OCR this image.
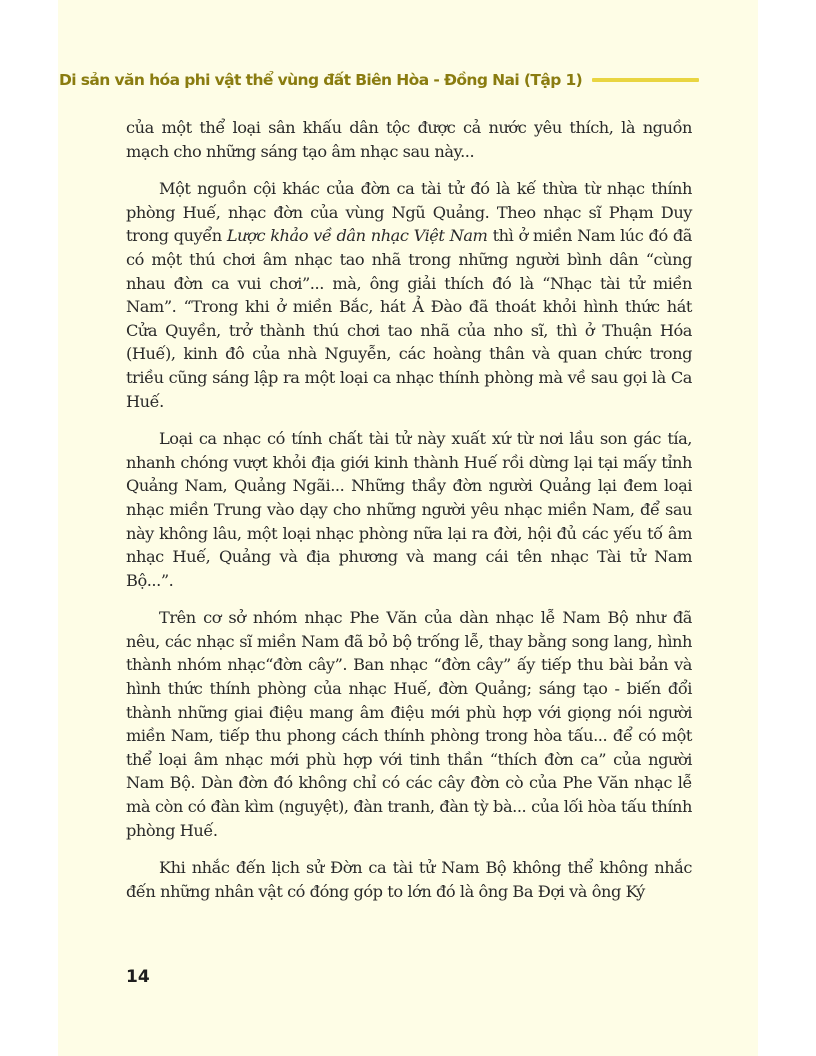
Di sản văn hóa phi vật thể vùng đất Biên Hòa - Đồng Nai (Tập 1)

của một thể loại sân khấu dân tộc được cả nước yêu thích, là nguồn mạch cho những sáng tạo âm nhạc sau này...

Một nguồn cội khác của đờn ca tài tử đó là kế thừa từ nhạc thính phòng Huế, nhạc đờn của vùng Ngũ Quảng. Theo nhạc sĩ Phạm Duy trong quyển Lược khảo về dân nhạc Việt Nam thì ở miền Nam lúc đó đã có một thú chơi âm nhạc tao nhã trong những người bình dân “cùng nhau đờn ca vui chơi”... mà, ông giải thích đó là “Nhạc tài tử miền Nam”. “Trong khi ở miền Bắc, hát Ả Đào đã thoát khỏi hình thức hát Cửa Quyền, trở thành thú chơi tao nhã của nho sĩ, thì ở Thuận Hóa (Huế), kinh đô của nhà Nguyễn, các hoàng thân và quan chức trong triều cũng sáng lập ra một loại ca nhạc thính phòng mà về sau gọi là Ca Huế.

Loại ca nhạc có tính chất tài tử này xuất xứ từ nơi lầu son gác tía, nhanh chóng vượt khỏi địa giới kinh thành Huế rồi dừng lại tại mấy tỉnh Quảng Nam, Quảng Ngãi... Những thầy đờn người Quảng lại đem loại nhạc miền Trung vào dạy cho những người yêu nhạc miền Nam, để sau này không lâu, một loại nhạc phòng nữa lại ra đời, hội đủ các yếu tố âm nhạc Huế, Quảng và địa phương và mang cái tên nhạc Tài tử Nam Bộ...”.

Trên cơ sở nhóm nhạc Phe Văn của dàn nhạc lễ Nam Bộ như đã nêu, các nhạc sĩ miền Nam đã bỏ bộ trống lễ, thay bằng song lang, hình thành nhóm nhạc“đờn cây”. Ban nhạc “đờn cây” ấy tiếp thu bài bản và hình thức thính phòng của nhạc Huế, đờn Quảng; sáng tạo - biến đổi thành những giai điệu mang âm điệu mới phù hợp với giọng nói người miền Nam, tiếp thu phong cách thính phòng trong hòa tấu... để có một thể loại âm nhạc mới phù hợp với tinh thần “thích đờn ca” của người Nam Bộ. Dàn đờn đó không chỉ có các cây đờn cò của Phe Văn nhạc lễ mà còn có đàn kìm (nguyệt), đàn tranh, đàn tỳ bà... của lối hòa tấu thính phòng Huế.

Khi nhắc đến lịch sử Đờn ca tài tử Nam Bộ không thể không nhắc đến những nhân vật có đóng góp to lớn đó là ông Ba Đợi và ông Ký

14
